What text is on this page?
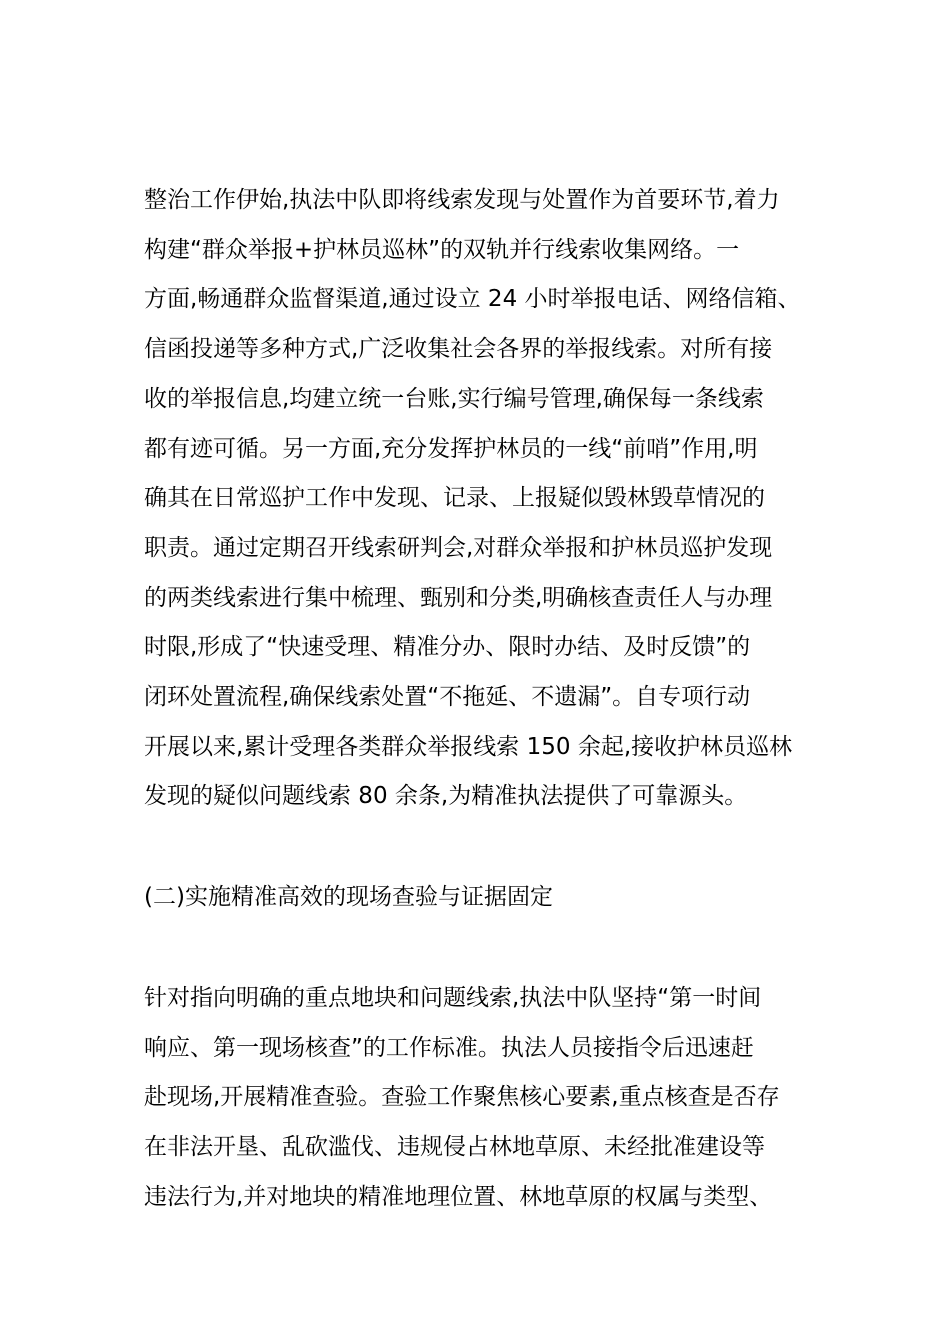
整治工作伊始,执法中队即将线索发现与处置作为首要环节,着力
构建“群众举报+护林员巡林”的双轨并行线索收集网络。一
方面,畅通群众监督渠道,通过设立 24 小时举报电话、网络信箱、
信函投递等多种方式,广泛收集社会各界的举报线索。对所有接
收的举报信息,均建立统一台账,实行编号管理,确保每一条线索
都有迹可循。另一方面,充分发挥护林员的一线“前哨”作用,明
确其在日常巡护工作中发现、记录、上报疑似毁林毁草情况的
职责。通过定期召开线索研判会,对群众举报和护林员巡护发现
的两类线索进行集中梳理、甄别和分类,明确核查责任人与办理
时限,形成了“快速受理、精准分办、限时办结、及时反馈”的
闭环处置流程,确保线索处置“不拖延、不遗漏”。自专项行动
开展以来,累计受理各类群众举报线索 150 余起,接收护林员巡林
发现的疑似问题线索 80 余条,为精准执法提供了可靠源头。
(二)实施精准高效的现场查验与证据固定
针对指向明确的重点地块和问题线索,执法中队坚持“第一时间
响应、第一现场核查”的工作标准。执法人员接指令后迅速赶
赴现场,开展精准查验。查验工作聚焦核心要素,重点核查是否存
在非法开垦、乱砍滥伐、违规侵占林地草原、未经批准建设等
违法行为,并对地块的精准地理位置、林地草原的权属与类型、
